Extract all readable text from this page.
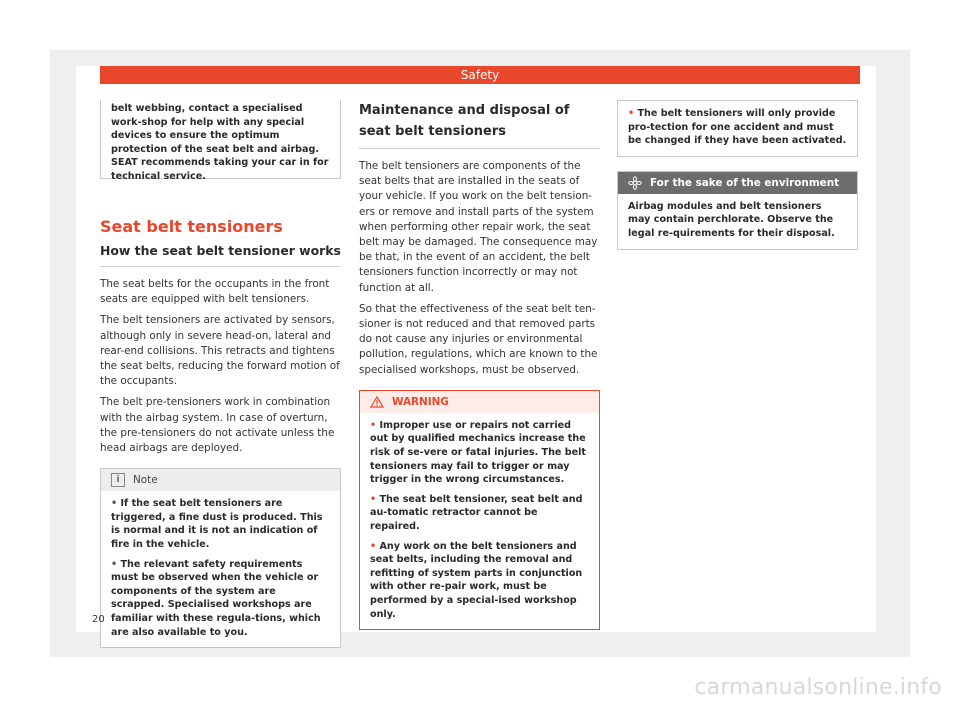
Safety
belt webbing, contact a specialised work-shop for help with any special devices to ensure the optimum protection of the seat belt and airbag. SEAT recommends taking your car in for technical service.
Seat belt tensioners
How the seat belt tensioner works

The seat belts for the occupants in the front seats are equipped with belt tensioners.

The belt tensioners are activated by sensors, although only in severe head-on, lateral and rear-end collisions. This retracts and tightens the seat belts, reducing the forward motion of the occupants.

The belt pre-tensioners work in combination with the airbag system. In case of overturn, the pre-tensioners do not activate unless the head airbags are deployed.

i	Note
• If the seat belt tensioners are triggered, a fine dust is produced. This is normal and it is not an indication of fire in the vehicle.
• The relevant safety requirements must be observed when the vehicle or components of the system are scrapped. Specialised workshops are familiar with these regula-tions, which are also available to you.
Maintenance and disposal of seat belt tensioners

The belt tensioners are components of the seat belts that are installed in the seats of your vehicle. If you work on the belt tension-ers or remove and install parts of the system when performing other repair work, the seat belt may be damaged. The consequence may be that, in the event of an accident, the belt tensioners function incorrectly or may not function at all.

So that the effectiveness of the seat belt ten-sioner is not reduced and that removed parts do not cause any injuries or environmental pollution, regulations, which are known to the specialised workshops, must be observed.

WARNING
• Improper use or repairs not carried out by qualified mechanics increase the risk of se-vere or fatal injuries. The belt tensioners may fail to trigger or may trigger in the wrong circumstances.
• The seat belt tensioner, seat belt and au-tomatic retractor cannot be repaired.
• Any work on the belt tensioners and seat belts, including the removal and refitting of system parts in conjunction with other re-pair work, must be performed by a special-ised workshop only.
• The belt tensioners will only provide pro-tection for one accident and must be changed if they have been activated.
For the sake of the environment
Airbag modules and belt tensioners may contain perchlorate. Observe the legal re-quirements for their disposal.
20
carmanualsonline.info
